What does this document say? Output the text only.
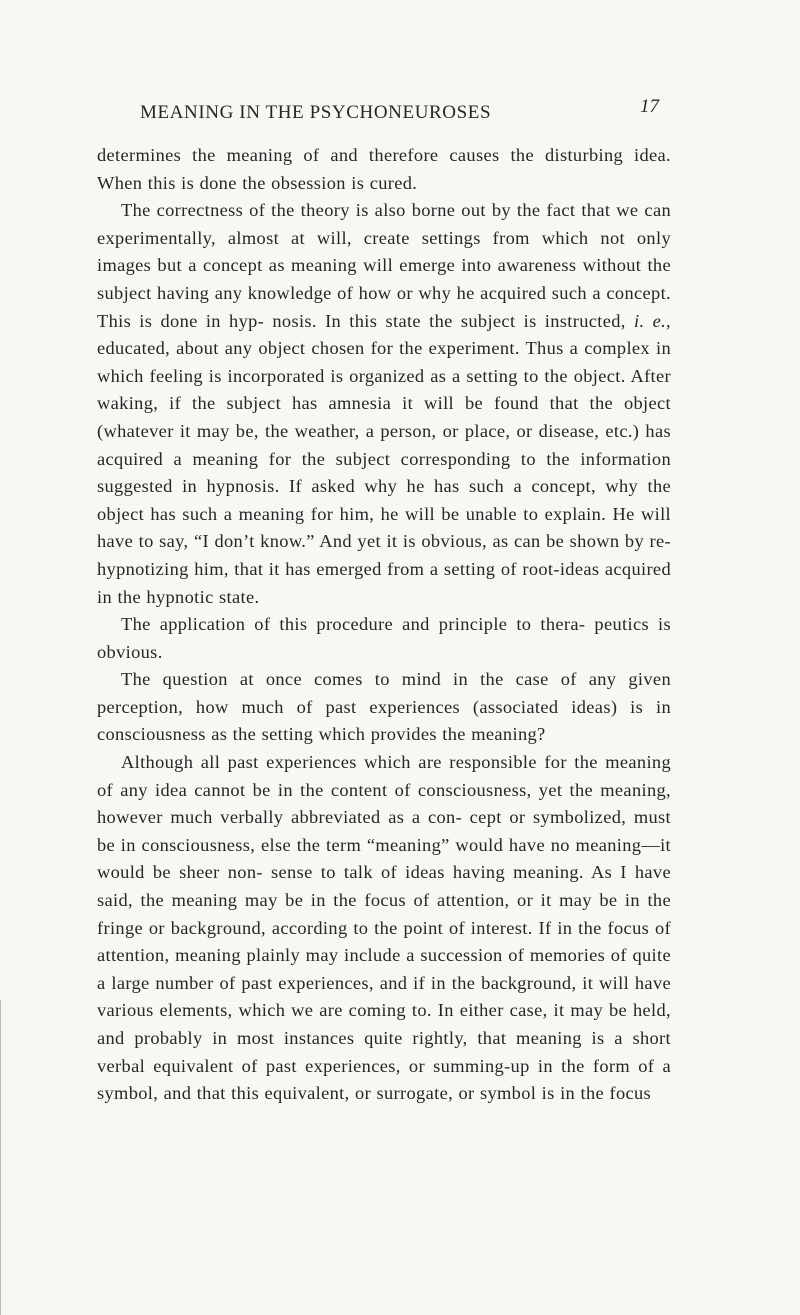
MEANING IN THE PSYCHONEUROSES	17

determines the meaning of and therefore causes the disturbing idea. When this is done the obsession is cured.

The correctness of the theory is also borne out by the fact that we can experimentally, almost at will, create settings from which not only images but a concept as meaning will emerge into awareness without the subject having any knowledge of how or why he acquired such a concept. This is done in hyp- nosis. In this state the subject is instructed, i. e., educated, about any object chosen for the experiment. Thus a complex in which feeling is incorporated is organized as a setting to the object. After waking, if the subject has amnesia it will be found that the object (whatever it may be, the weather, a person, or place, or disease, etc.) has acquired a meaning for the subject corresponding to the information suggested in hypnosis. If asked why he has such a concept, why the object has such a meaning for him, he will be unable to explain. He will have to say, “I don’t know.” And yet it is obvious, as can be shown by re-hypnotizing him, that it has emerged from a setting of root-ideas acquired in the hypnotic state.

The application of this procedure and principle to thera- peutics is obvious.

The question at once comes to mind in the case of any given perception, how much of past experiences (associated ideas) is in consciousness as the setting which provides the meaning?

Although all past experiences which are responsible for the meaning of any idea cannot be in the content of consciousness, yet the meaning, however much verbally abbreviated as a con- cept or symbolized, must be in consciousness, else the term “meaning” would have no meaning—it would be sheer non- sense to talk of ideas having meaning. As I have said, the meaning may be in the focus of attention, or it may be in the fringe or background, according to the point of interest. If in the focus of attention, meaning plainly may include a succession of memories of quite a large number of past experiences, and if in the background, it will have various elements, which we are coming to. In either case, it may be held, and probably in most instances quite rightly, that meaning is a short verbal equivalent of past experiences, or summing-up in the form of a symbol, and that this equivalent, or surrogate, or symbol is in the focus
